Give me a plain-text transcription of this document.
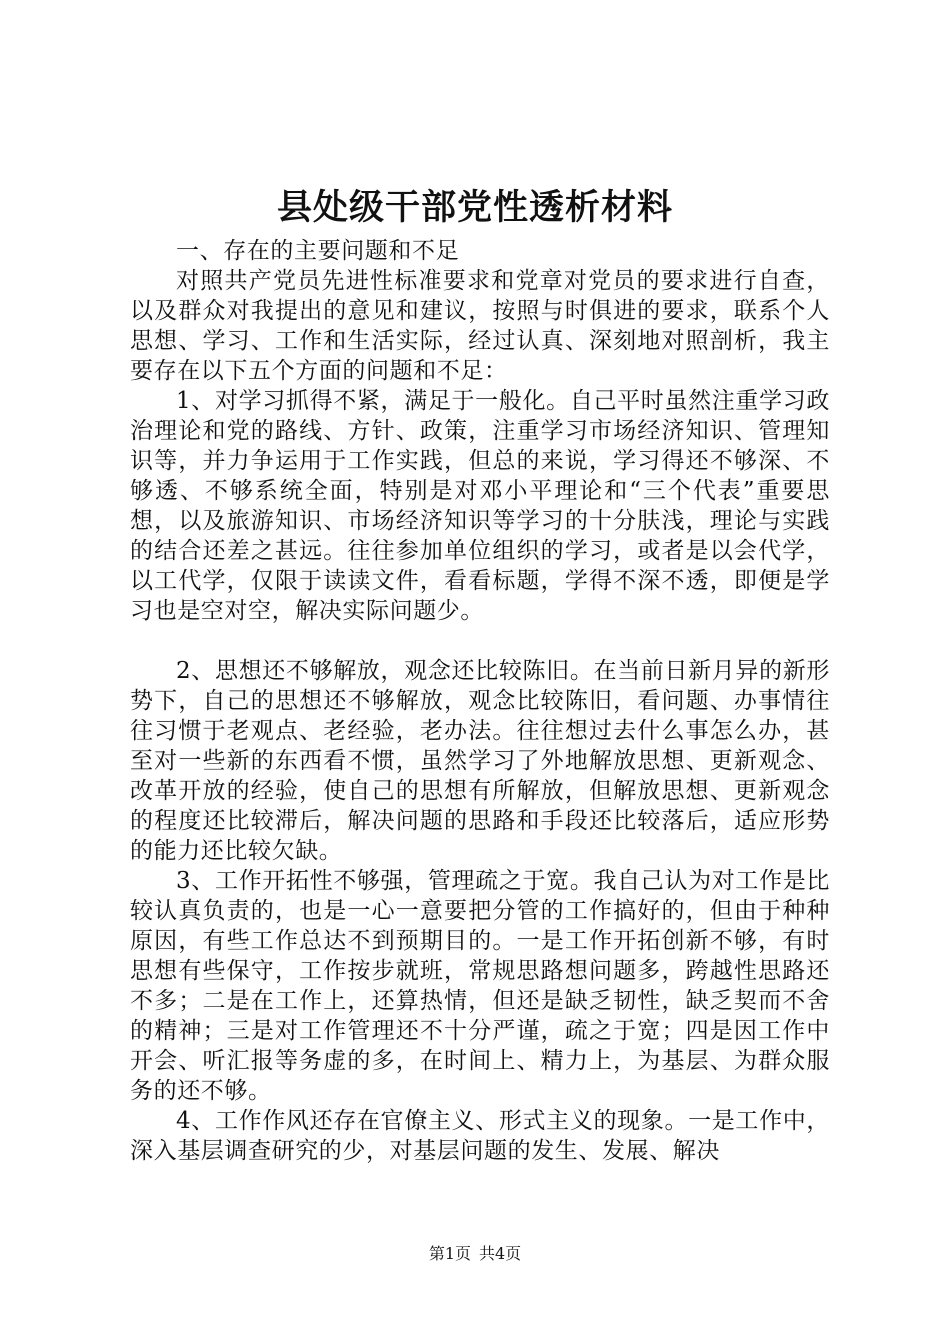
县处级干部党性透析材料

一、存在的主要问题和不足

对照共产党员先进性标准要求和党章对党员的要求进行自查，以及群众对我提出的意见和建议，按照与时俱进的要求，联系个人思想、学习、工作和生活实际，经过认真、深刻地对照剖析，我主要存在以下五个方面的问题和不足：

1、对学习抓得不紧，满足于一般化。自己平时虽然注重学习政治理论和党的路线、方针、政策，注重学习市场经济知识、管理知识等，并力争运用于工作实践，但总的来说，学习得还不够深、不够透、不够系统全面，特别是对邓小平理论和“三个代表”重要思想，以及旅游知识、市场经济知识等学习的十分肤浅，理论与实践的结合还差之甚远。往往参加单位组织的学习，或者是以会代学，以工代学，仅限于读读文件，看看标题，学得不深不透，即便是学习也是空对空，解决实际问题少。

2、思想还不够解放，观念还比较陈旧。在当前日新月异的新形势下，自己的思想还不够解放，观念比较陈旧，看问题、办事情往往习惯于老观点、老经验，老办法。往往想过去什么事怎么办，甚至对一些新的东西看不惯，虽然学习了外地解放思想、更新观念、改革开放的经验，使自己的思想有所解放，但解放思想、更新观念的程度还比较滞后，解决问题的思路和手段还比较落后，适应形势的能力还比较欠缺。

3、工作开拓性不够强，管理疏之于宽。我自己认为对工作是比较认真负责的，也是一心一意要把分管的工作搞好的，但由于种种原因，有些工作总达不到预期目的。一是工作开拓创新不够，有时思想有些保守，工作按步就班，常规思路想问题多，跨越性思路还不多；二是在工作上，还算热情，但还是缺乏韧性，缺乏契而不舍的精神；三是对工作管理还不十分严谨，疏之于宽；四是因工作中开会、听汇报等务虚的多，在时间上、精力上，为基层、为群众服务的还不够。

4、工作作风还存在官僚主义、形式主义的现象。一是工作中，深入基层调查研究的少，对基层问题的发生、发展、解决

第1页 共4页
